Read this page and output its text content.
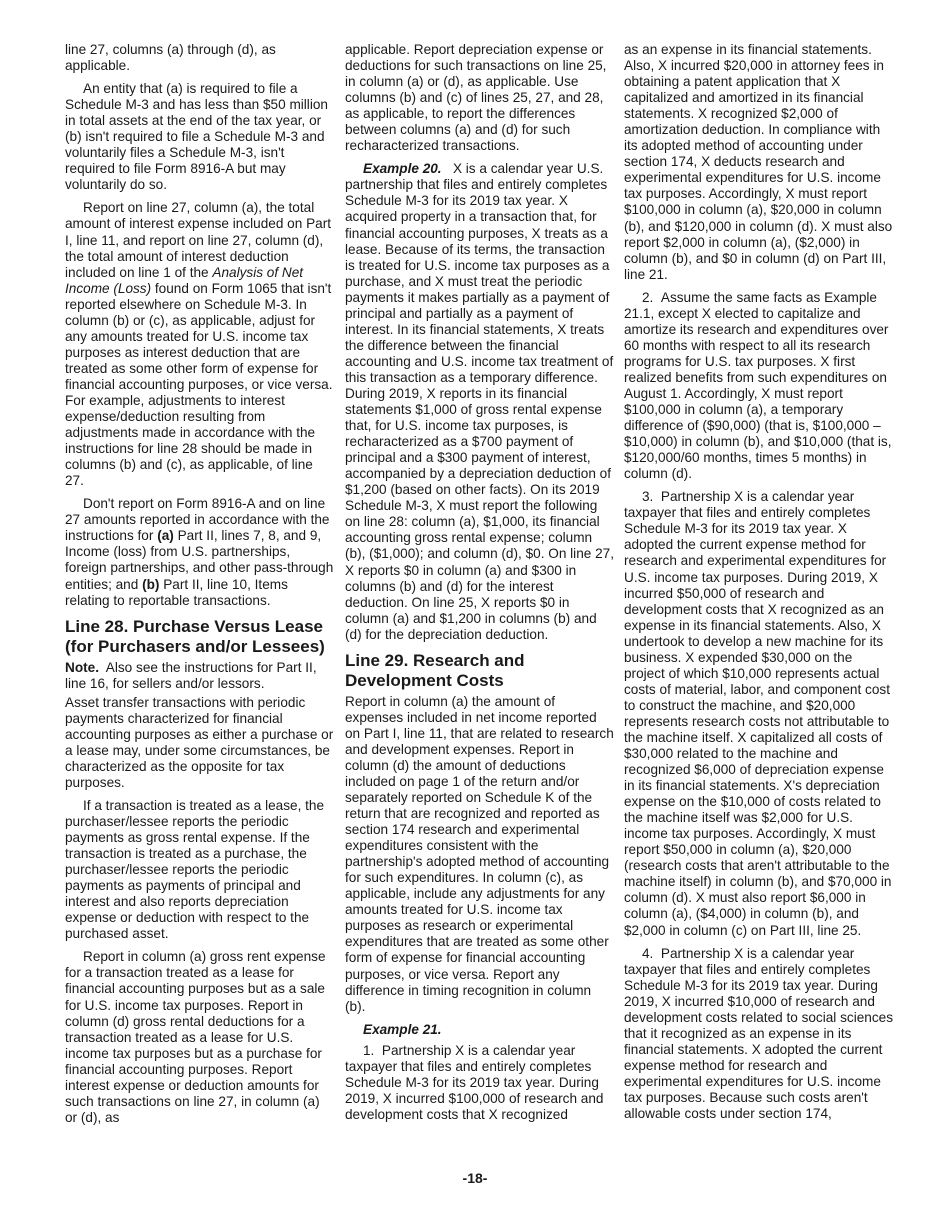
line 27, columns (a) through (d), as applicable.

An entity that (a) is required to file a Schedule M-3 and has less than $50 million in total assets at the end of the tax year, or (b) isn't required to file a Schedule M-3 and voluntarily files a Schedule M-3, isn't required to file Form 8916-A but may voluntarily do so.

Report on line 27, column (a), the total amount of interest expense included on Part I, line 11, and report on line 27, column (d), the total amount of interest deduction included on line 1 of the Analysis of Net Income (Loss) found on Form 1065 that isn't reported elsewhere on Schedule M-3. In column (b) or (c), as applicable, adjust for any amounts treated for U.S. income tax purposes as interest deduction that are treated as some other form of expense for financial accounting purposes, or vice versa. For example, adjustments to interest expense/deduction resulting from adjustments made in accordance with the instructions for line 28 should be made in columns (b) and (c), as applicable, of line 27.

Don't report on Form 8916-A and on line 27 amounts reported in accordance with the instructions for (a) Part II, lines 7, 8, and 9, Income (loss) from U.S. partnerships, foreign partnerships, and other pass-through entities; and (b) Part II, line 10, Items relating to reportable transactions.

Line 28. Purchase Versus Lease (for Purchasers and/or Lessees)

Note. Also see the instructions for Part II, line 16, for sellers and/or lessors.

Asset transfer transactions with periodic payments characterized for financial accounting purposes as either a purchase or a lease may, under some circumstances, be characterized as the opposite for tax purposes.

If a transaction is treated as a lease, the purchaser/lessee reports the periodic payments as gross rental expense. If the transaction is treated as a purchase, the purchaser/lessee reports the periodic payments as payments of principal and interest and also reports depreciation expense or deduction with respect to the purchased asset.

Report in column (a) gross rent expense for a transaction treated as a lease for financial accounting purposes but as a sale for U.S. income tax purposes. Report in column (d) gross rental deductions for a transaction treated as a lease for U.S. income tax purposes but as a purchase for financial accounting purposes. Report interest expense or deduction amounts for such transactions on line 27, in column (a) or (d), as

applicable. Report depreciation expense or deductions for such transactions on line 25, in column (a) or (d), as applicable. Use columns (b) and (c) of lines 25, 27, and 28, as applicable, to report the differences between columns (a) and (d) for such recharacterized transactions.

Example 20. X is a calendar year U.S. partnership that files and entirely completes Schedule M-3 for its 2019 tax year. X acquired property in a transaction that, for financial accounting purposes, X treats as a lease. Because of its terms, the transaction is treated for U.S. income tax purposes as a purchase, and X must treat the periodic payments it makes partially as a payment of principal and partially as a payment of interest. In its financial statements, X treats the difference between the financial accounting and U.S. income tax treatment of this transaction as a temporary difference. During 2019, X reports in its financial statements $1,000 of gross rental expense that, for U.S. income tax purposes, is recharacterized as a $700 payment of principal and a $300 payment of interest, accompanied by a depreciation deduction of $1,200 (based on other facts). On its 2019 Schedule M-3, X must report the following on line 28: column (a), $1,000, its financial accounting gross rental expense; column (b), ($1,000); and column (d), $0. On line 27, X reports $0 in column (a) and $300 in columns (b) and (d) for the interest deduction. On line 25, X reports $0 in column (a) and $1,200 in columns (b) and (d) for the depreciation deduction.

Line 29. Research and Development Costs

Report in column (a) the amount of expenses included in net income reported on Part I, line 11, that are related to research and development expenses. Report in column (d) the amount of deductions included on page 1 of the return and/or separately reported on Schedule K of the return that are recognized and reported as section 174 research and experimental expenditures consistent with the partnership's adopted method of accounting for such expenditures. In column (c), as applicable, include any adjustments for any amounts treated for U.S. income tax purposes as research or experimental expenditures that are treated as some other form of expense for financial accounting purposes, or vice versa. Report any difference in timing recognition in column (b).

Example 21.

1.  Partnership X is a calendar year taxpayer that files and entirely completes Schedule M-3 for its 2019 tax year. During 2019, X incurred $100,000 of research and development costs that X recognized

as an expense in its financial statements. Also, X incurred $20,000 in attorney fees in obtaining a patent application that X capitalized and amortized in its financial statements. X recognized $2,000 of amortization deduction. In compliance with its adopted method of accounting under section 174, X deducts research and experimental expenditures for U.S. income tax purposes. Accordingly, X must report $100,000 in column (a), $20,000 in column (b), and $120,000 in column (d). X must also report $2,000 in column (a), ($2,000) in column (b), and $0 in column (d) on Part III, line 21.

2.  Assume the same facts as Example 21.1, except X elected to capitalize and amortize its research and expenditures over 60 months with respect to all its research programs for U.S. tax purposes. X first realized benefits from such expenditures on August 1. Accordingly, X must report $100,000 in column (a), a temporary difference of ($90,000) (that is, $100,000 – $10,000) in column (b), and $10,000 (that is, $120,000/60 months, times 5 months) in column (d).

3.  Partnership X is a calendar year taxpayer that files and entirely completes Schedule M-3 for its 2019 tax year. X adopted the current expense method for research and experimental expenditures for U.S. income tax purposes. During 2019, X incurred $50,000 of research and development costs that X recognized as an expense in its financial statements. Also, X undertook to develop a new machine for its business. X expended $30,000 on the project of which $10,000 represents actual costs of material, labor, and component cost to construct the machine, and $20,000 represents research costs not attributable to the machine itself. X capitalized all costs of $30,000 related to the machine and recognized $6,000 of depreciation expense in its financial statements. X's depreciation expense on the $10,000 of costs related to the machine itself was $2,000 for U.S. income tax purposes. Accordingly, X must report $50,000 in column (a), $20,000 (research costs that aren't attributable to the machine itself) in column (b), and $70,000 in column (d). X must also report $6,000 in column (a), ($4,000) in column (b), and $2,000 in column (c) on Part III, line 25.

4.  Partnership X is a calendar year taxpayer that files and entirely completes Schedule M-3 for its 2019 tax year. During 2019, X incurred $10,000 of research and development costs related to social sciences that it recognized as an expense in its financial statements. X adopted the current expense method for research and experimental expenditures for U.S. income tax purposes. Because such costs aren't allowable costs under section 174,

-18-
